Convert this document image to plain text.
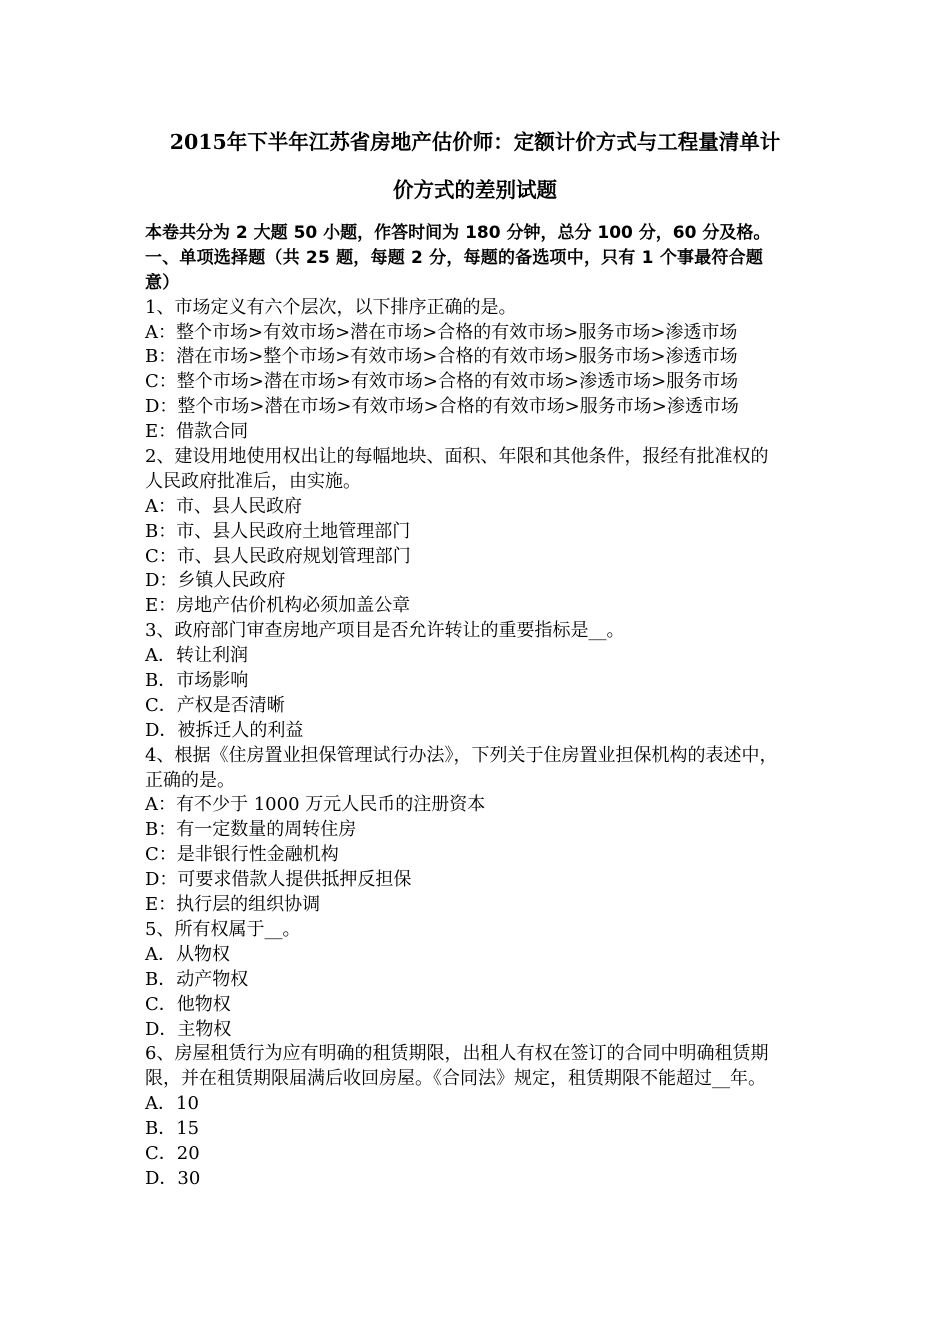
2015年下半年江苏省房地产估价师：定额计价方式与工程量清单计
价方式的差别试题
本卷共分为 2 大题 50 小题，作答时间为 180 分钟，总分 100 分，60 分及格。
一、单项选择题（共 25 题，每题 2 分，每题的备选项中，只有 1 个事最符合题
意）
1、市场定义有六个层次，以下排序正确的是。
A：整个市场>有效市场>潜在市场>合格的有效市场>服务市场>渗透市场
B：潜在市场>整个市场>有效市场>合格的有效市场>服务市场>渗透市场
C：整个市场>潜在市场>有效市场>合格的有效市场>渗透市场>服务市场
D：整个市场>潜在市场>有效市场>合格的有效市场>服务市场>渗透市场
E：借款合同
2、建设用地使用权出让的每幅地块、面积、年限和其他条件，报经有批准权的
人民政府批准后，由实施。
A：市、县人民政府
B：市、县人民政府土地管理部门
C：市、县人民政府规划管理部门
D：乡镇人民政府
E：房地产估价机构必须加盖公章
3、政府部门审查房地产项目是否允许转让的重要指标是__。
A．转让利润
B．市场影响
C．产权是否清晰
D．被拆迁人的利益
4、根据《住房置业担保管理试行办法》，下列关于住房置业担保机构的表述中，
正确的是。
A：有不少于 1000 万元人民币的注册资本
B：有一定数量的周转住房
C：是非银行性金融机构
D：可要求借款人提供抵押反担保
E：执行层的组织协调
5、所有权属于__。
A．从物权
B．动产物权
C．他物权
D．主物权
6、房屋租赁行为应有明确的租赁期限，出租人有权在签订的合同中明确租赁期
限，并在租赁期限届满后收回房屋。《合同法》规定，租赁期限不能超过__年。
A．10
B．15
C．20
D．30
